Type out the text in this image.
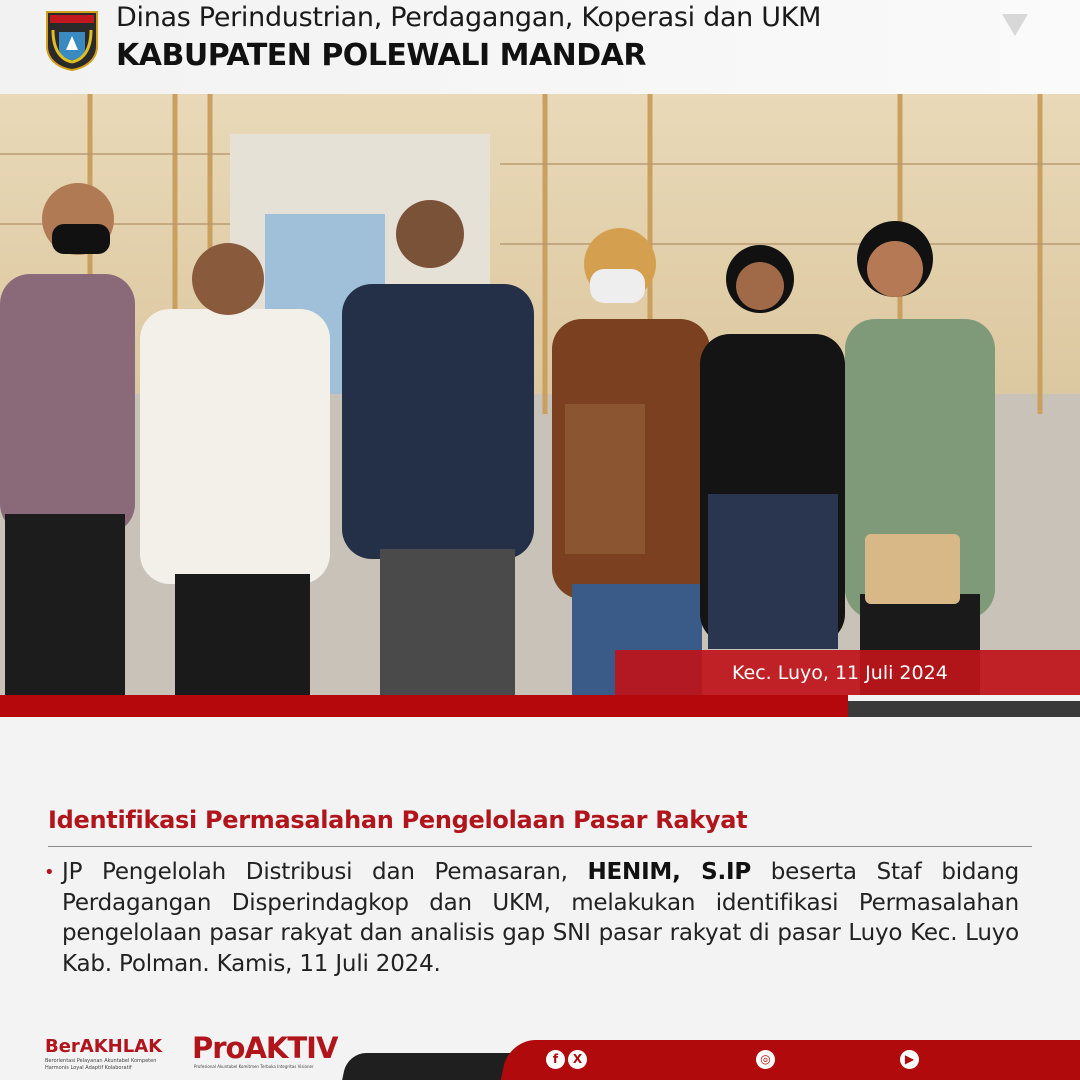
Dinas Perindustrian, Perdagangan, Koperasi dan UKM
KABUPATEN POLEWALI MANDAR
Kec. Luyo, 11 Juli 2024
Identifikasi Permasalahan Pengelolaan Pasar Rakyat
• JP Pengelolah Distribusi dan Pemasaran, HENIM, S.IP beserta Staf bidang Perdagangan Disperindagkop dan UKM, melakukan identifikasi Permasalahan pengelolaan pasar rakyat dan analisis gap SNI pasar rakyat di pasar Luyo Kec. Luyo Kab. Polman. Kamis, 11 Juli 2024.
BerAKHLAK
Berorientasi Pelayanan Akuntabel Kompeten Harmonis Loyal Adaptif Kolaboratif
ProAKTIV
Profesional Akuntabel Komitmen Terbuka Integritas Visioner
f	X	◎	▶
